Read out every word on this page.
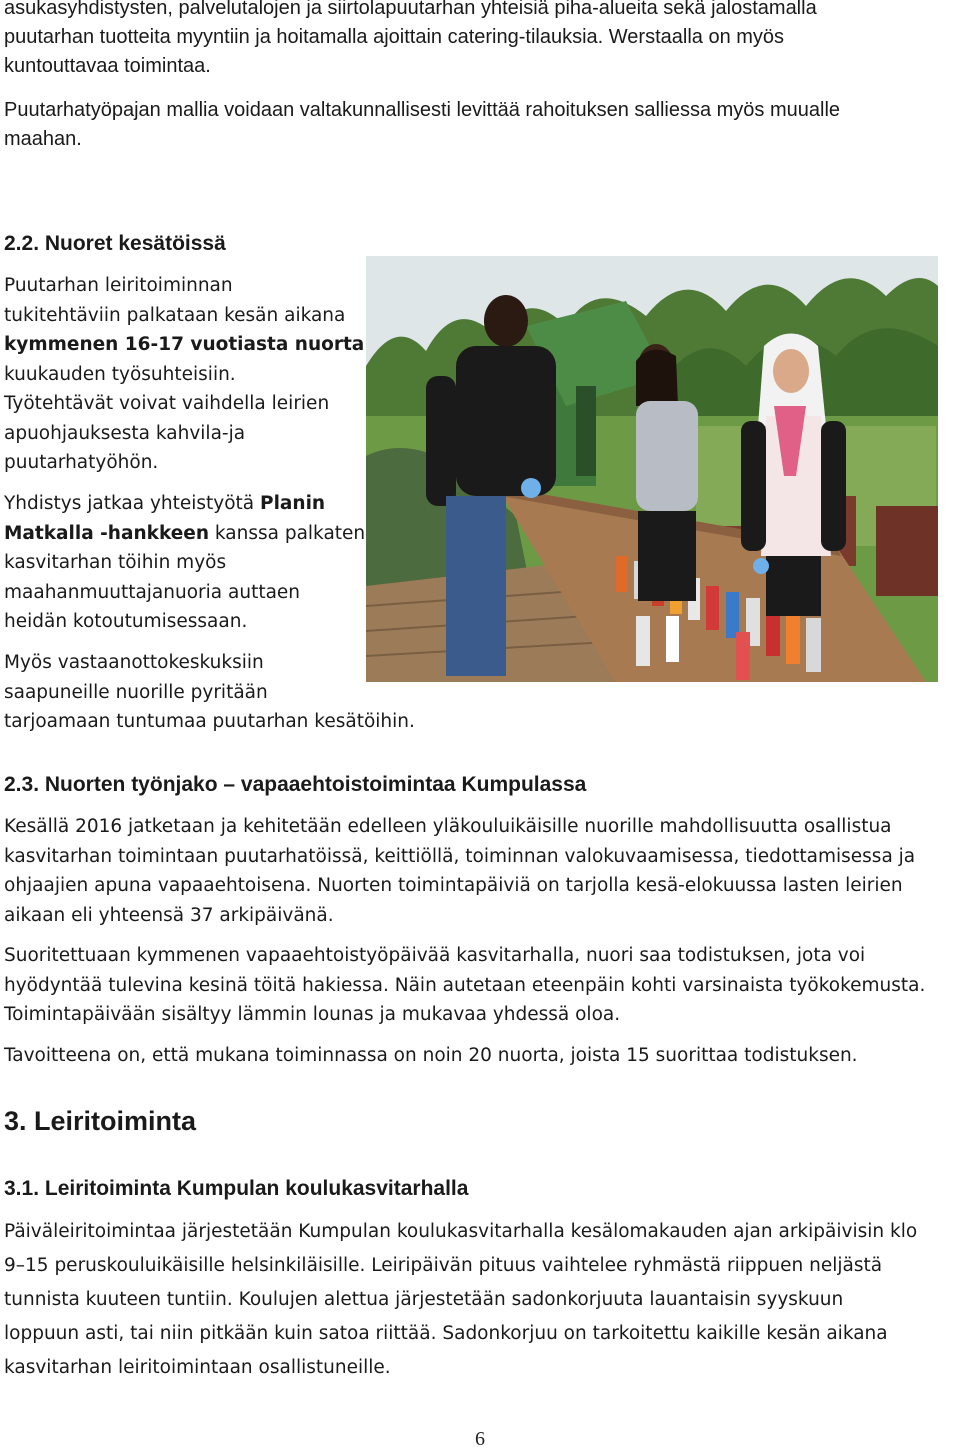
asukasyhdistysten, palvelutalojen ja siirtolapuutarhan yhteisiä piha-alueita sekä jalostamalla
puutarhan tuotteita myyntiin ja hoitamalla ajoittain catering-tilauksia. Werstaalla on myös
kuntouttavaa toimintaa.
Puutarhatyöpajan mallia voidaan valtakunnallisesti levittää rahoituksen salliessa myös muualle
maahan.
2.2. Nuoret kesätöissä
Puutarhan leiritoiminnan
tukitehtäviin palkataan kesän aikana
kymmenen 16-17 vuotiasta nuorta
kuukauden työsuhteisiin.
Työtehtävät voivat vaihdella leirien
apuohjauksesta kahvila-ja
puutarhatyöhön.
Yhdistys jatkaa yhteistyötä Planin
Matkalla -hankkeen kanssa palkaten
kasvitarhan töihin myös
maahanmuuttajanuoria auttaen
heidän kotoutumisessaan.
Myös vastaanottokeskuksiin
saapuneille nuorille pyritään
tarjoamaan tuntumaa puutarhan kesätöihin.
2.3. Nuorten työnjako – vapaaehtoistoimintaa Kumpulassa
Kesällä 2016 jatketaan ja kehitetään edelleen yläkouluikäisille nuorille mahdollisuutta osallistua
kasvitarhan toimintaan puutarhatöissä, keittiöllä, toiminnan valokuvaamisessa, tiedottamisessa ja
ohjaajien apuna vapaaehtoisena. Nuorten toimintapäiviä on tarjolla kesä-elokuussa lasten leirien
aikaan eli yhteensä 37 arkipäivänä.
Suoritettuaan kymmenen vapaaehtoistyöpäivää kasvitarhalla, nuori saa todistuksen, jota voi
hyödyntää tulevina kesinä töitä hakiessa. Näin autetaan eteenpäin kohti varsinaista työkokemusta.
Toimintapäivään sisältyy lämmin lounas ja mukavaa yhdessä oloa.
Tavoitteena on, että mukana toiminnassa on noin 20 nuorta, joista 15 suorittaa todistuksen.
3. Leiritoiminta
3.1. Leiritoiminta Kumpulan koulukasvitarhalla
Päiväleiritoimintaa järjestetään Kumpulan koulukasvitarhalla kesälomakauden ajan arkipäivisin klo
9–15 peruskouluikäisille helsinkiläisille. Leiripäivän pituus vaihtelee ryhmästä riippuen neljästä
tunnista kuuteen tuntiin. Koulujen alettua järjestetään sadonkorjuuta lauantaisin syyskuun
loppuun asti, tai niin pitkään kuin satoa riittää. Sadonkorjuu on tarkoitettu kaikille kesän aikana
kasvitarhan leiritoimintaan osallistuneille.
6
